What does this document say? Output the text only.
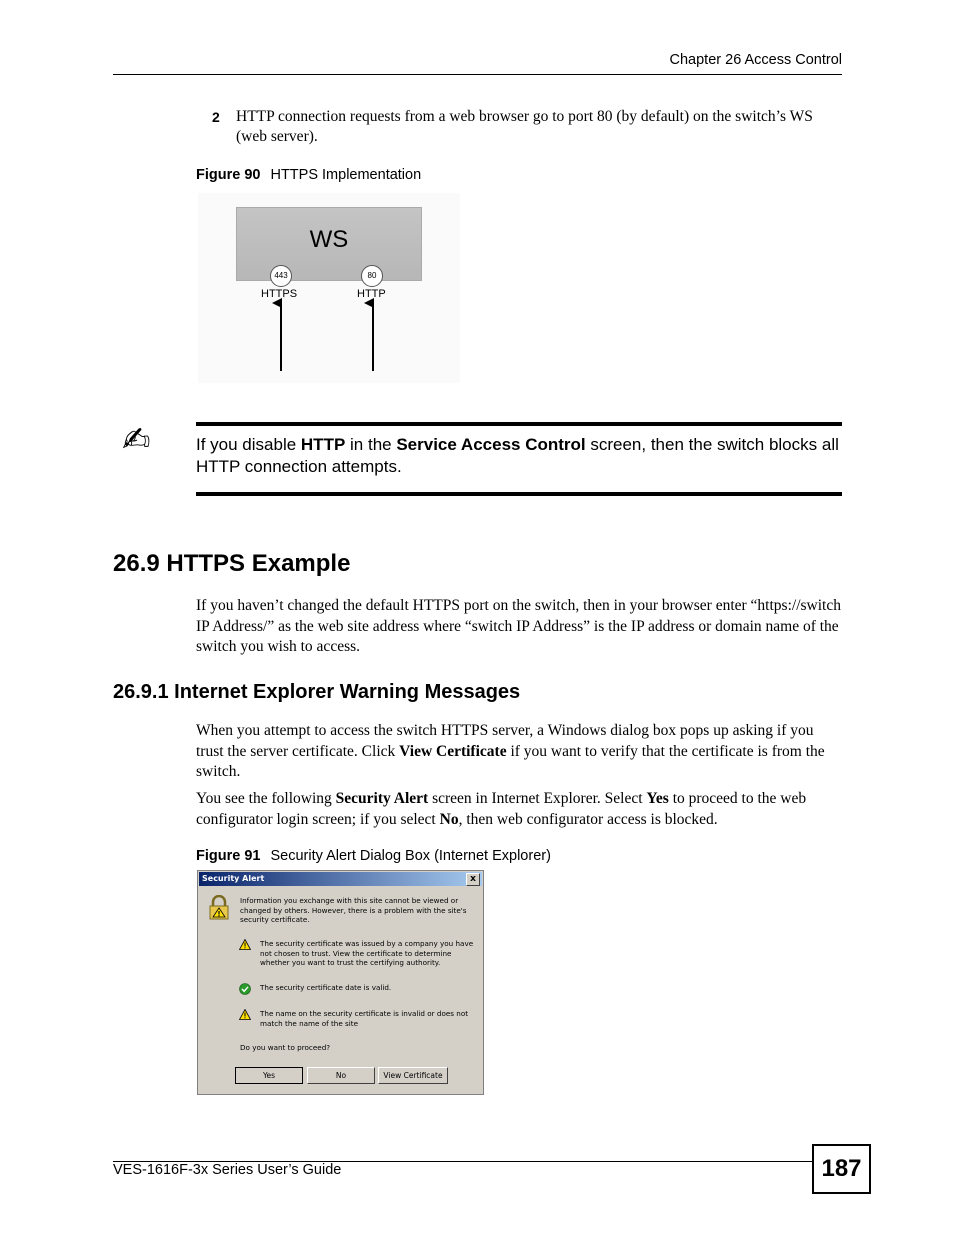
Chapter 26 Access Control
2 HTTP connection requests from a web browser go to port 80 (by default) on the switch’s WS (web server).
Figure 90 HTTPS Implementation
WS
443	80
HTTPS	HTTP
✍	If you disable HTTP in the Service Access Control screen, then the switch blocks all HTTP connection attempts.
26.9 HTTPS Example
If you haven’t changed the default HTTPS port on the switch, then in your browser enter “https://switch IP Address/” as the web site address where “switch IP Address” is the IP address or domain name of the switch you wish to access.
26.9.1 Internet Explorer Warning Messages
When you attempt to access the switch HTTPS server, a Windows dialog box pops up asking if you trust the server certificate. Click View Certificate if you want to verify that the certificate is from the switch.
You see the following Security Alert screen in Internet Explorer. Select Yes to proceed to the web configurator login screen; if you select No, then web configurator access is blocked.
Figure 91 Security Alert Dialog Box (Internet Explorer)
Security Alert	x
Information you exchange with this site cannot be viewed or changed by others. However, there is a problem with the site's security certificate.
The security certificate was issued by a company you have not chosen to trust. View the certificate to determine whether you want to trust the certifying authority.
The security certificate date is valid.
The name on the security certificate is invalid or does not match the name of the site
Do you want to proceed?
Yes	No	View Certificate
VES-1616F-3x Series User’s Guide	187
